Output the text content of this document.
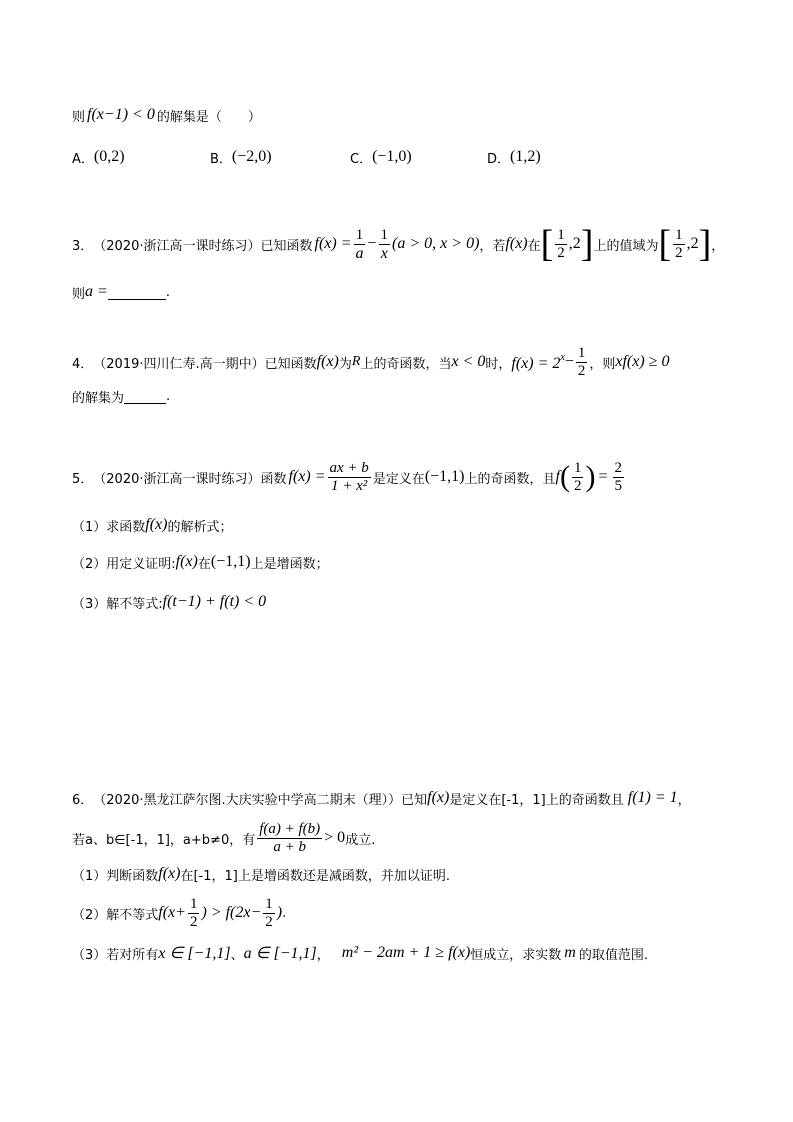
则 f(x−1) < 0 的解集是（　　）
A． (0,2)	B． (−2,0)	C． (−1,0)	D． (1,2)
3． （2020·浙江高一课时练习） 已知函数 $f(x) = \frac{1}{a} - \frac{1}{x} (a > 0$, x > 0) ，若 f(x) 在 [ $\frac{1}{2} ,2$ ] 上的值域为 [ $\frac{1}{2} ,2$ ] ，
则 a =	.
4． （2019·四川仁寿.高一期中） 已知函数 f(x) 为 R 上的奇函数，当 x < 0 时， $f(x) = 2^x - \frac{1}{2}$ ，则 xf(x) ≥ 0
的解集为	.
5． （2020·浙江高一课时练习） 函数 $f(x) = \frac{ax + b}{\text{1 + x²}}$ 是定义在 (−1,1) 上的奇函数，且 f ( $\frac{1}{2}$ ) = $\frac{2}{5}$
（1）求函数 f(x) 的解析式；
（2）用定义证明: f(x) 在 (−1,1) 上是增函数；
（3）解不等式: f(t−1) + f(t) < 0
6． （2020·黑龙江萨尔图.大庆实验中学高二期末（理）） 已知 f(x) 是定义在[-1，1]上的奇函数且 f(1) = 1 ，
若 a、b∈[-1，1]，a+b≠0，有 $\frac{f(a) + f(b)}{a + b} > 0$ 成立.
（1）判断函数 f(x) 在[-1，1]上是增函数还是减函数，并加以证明.
（2）解不等式 $f(x+ \frac{1}{2}$ ) > $f(2x- \frac{1}{2}$ ) .
（3）若对所有 x ∈ [−1,1] 、 a ∈ [−1,1] ， m² − 2am + 1 ≥ f(x) 恒成立，求实数 m 的取值范围.
